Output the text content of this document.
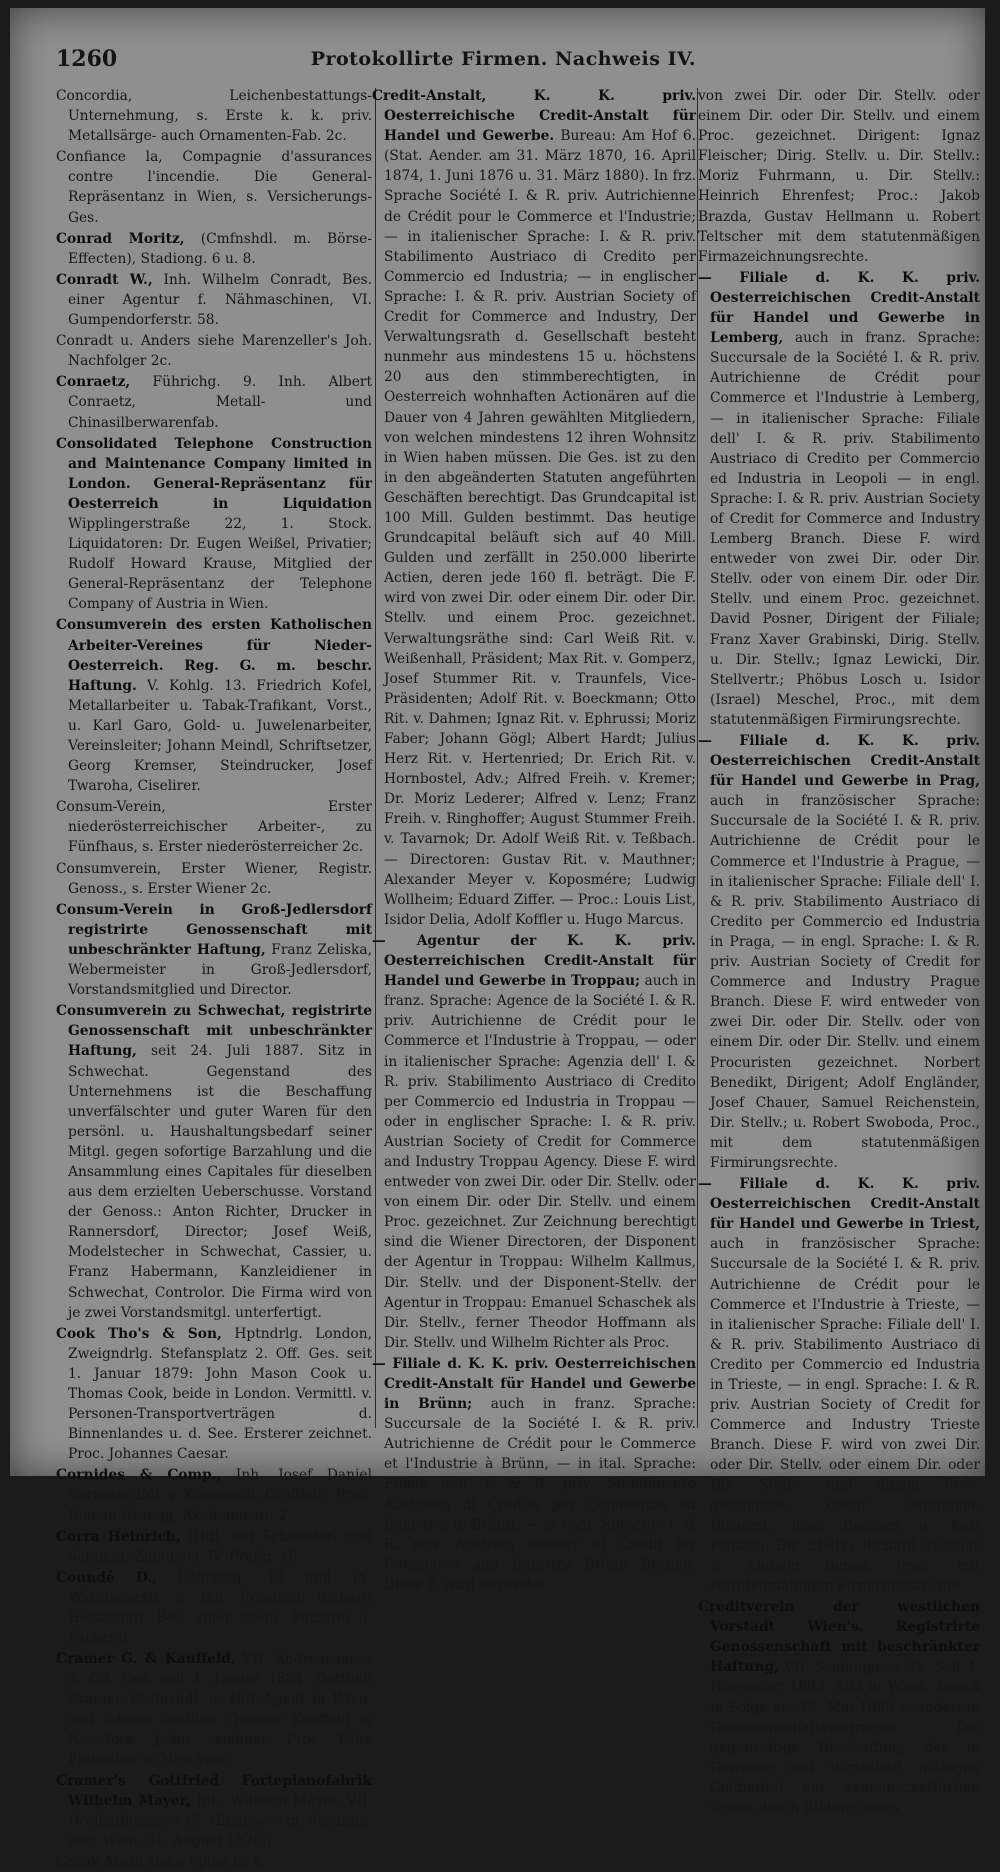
1260	Protokollirte Firmen. Nachweis IV.

Concordia, Leichenbestattungs-Unternehmung, s. Erste k. k. priv. Metallsärge- auch Ornamenten-Fab. 2c.

Confiance la, Compagnie d'assurances contre l'incendie. Die General-Repräsentanz in Wien, s. Versicherungs-Ges.

Conrad Moritz, (Cmfnshdl. m. Börse-Effecten), Stadiong. 6 u. 8.

Conradt W., Inh. Wilhelm Conradt, Bes. einer Agentur f. Nähmaschinen, VI. Gumpendorferstr. 58.

Conradt u. Anders siehe Marenzeller's Joh. Nachfolger 2c.

Conraetz, Führichg. 9. Inh. Albert Conraetz, Metall- und Chinasilberwarenfab.

Consolidated Telephone Construction and Maintenance Company limited in London. General-Repräsentanz für Oesterreich in Liquidation Wipplingerstraße 22, 1. Stock. Liquidatoren: Dr. Eugen Weißel, Privatier; Rudolf Howard Krause, Mitglied der General-Repräsentanz der Telephone Company of Austria in Wien.

Consumverein des ersten Katholischen Arbeiter-Vereines für Nieder-Oesterreich. Reg. G. m. beschr. Haftung. V. Kohlg. 13. Friedrich Kofel, Metallarbeiter u. Tabak-Trafikant, Vorst., u. Karl Garo, Gold- u. Juwelenarbeiter, Vereinsleiter; Johann Meindl, Schriftsetzer, Georg Kremser, Steindrucker, Josef Twaroha, Ciselirer.

Consum-Verein, Erster niederösterreichischer Arbeiter-, zu Fünfhaus, s. Erster niederösterreicher 2c.

Consumverein, Erster Wiener, Registr. Genoss., s. Erster Wiener 2c.

Consum-Verein in Groß-Jedlersdorf registrirte Genossenschaft mit unbeschränkter Haftung, Franz Zeliska, Webermeister in Groß-Jedlersdorf, Vorstandsmitglied und Director.

Consumverein zu Schwechat, registrirte Genossenschaft mit unbeschränkter Haftung, seit 24. Juli 1887. Sitz in Schwechat. Gegenstand des Unternehmens ist die Beschaffung unverfälschter und guter Waren für den persönl. u. Haushaltungsbedarf seiner Mitgl. gegen sofortige Barzahlung und die Ansammlung eines Capitales für dieselben aus dem erzielten Ueberschusse. Vorstand der Genoss.: Anton Richter, Drucker in Rannersdorf, Director; Josef Weiß, Modelstecher in Schwechat, Cassier, u. Franz Habermann, Kanzleidiener in Schwechat, Controlor. Die Firma wird von je zwei Vorstandsmitgl. unterfertigt.

Cook Tho's & Son, Hptndrlg. London, Zweigndrlg. Stefansplatz 2. Off. Ges. seit 1. Januar 1879: John Mason Cook u. Thomas Cook, beide in London. Vermittl. v. Personen-Transportverträgen d. Binnenlandes u. d. See. Ersterer zeichnet. Proc. Johannes Caesar.

Cornides & Comp., Inh. Josef Daniel Cornides Edl. v. Krempach, Großhdl., Proc. Roman Grengg, Akademiestr. 2.

Corra Heinrich, (Hdl. mit Schneider- und Schuhm.-Zugehör), IV. Preßg. 15.

Coundé D., Führichg. 12 und IX. Währingerstr. 6. Inh. Friedrich Richard Heischingl, Bes. einer chem. Putzerei u. Färberei.

Cramer G. & Kauffeld, VII. Andreasgasse 3. Off. Ges. seit 1. Januar 1884: Gottlieb Cramer, Cmfnshdl. u. Hdl.-Agent in Wien, und Johann Gottlieb Theodor Kauffeld in New-York. Jeder zeichnet. Proc. Felix Pfeffscher in New-York.

Cramer's Gottfried Fortepianofabrik Wilhelm Mayer, Inh. Wilhelm Mayer, VII. Dreilaufergasse 15. (Ehepacte m. Susanna, ddo. Wien, 31. August 1876.)

Czank Alwin siehe Spina C. A.

Credit-Anstalt, K. K. priv. Oesterreichische Credit-Anstalt für Handel und Gewerbe. Bureau: Am Hof 6. (Stat. Aender. am 31. März 1870, 16. April 1874, 1. Juni 1876 u. 31. März 1880). In frz. Sprache Société I. & R. priv. Autrichienne de Crédit pour le Commerce et l'Industrie; — in italienischer Sprache: I. & R. priv. Stabilimento Austriaco di Credito per Commercio ed Industria; — in englischer Sprache: I. & R. priv. Austrian Society of Credit for Commerce and Industry, Der Verwaltungsrath d. Gesellschaft besteht nunmehr aus mindestens 15 u. höchstens 20 aus den stimmberechtigten, in Oesterreich wohnhaften Actionären auf die Dauer von 4 Jahren gewählten Mitgliedern, von welchen mindestens 12 ihren Wohnsitz in Wien haben müssen. Die Ges. ist zu den in den abgeänderten Statuten angeführten Geschäften berechtigt. Das Grundcapital ist 100 Mill. Gulden bestimmt. Das heutige Grundcapital beläuft sich auf 40 Mill. Gulden und zerfällt in 250.000 liberirte Actien, deren jede 160 fl. beträgt. Die F. wird von zwei Dir. oder einem Dir. oder Dir. Stellv. und einem Proc. gezeichnet. Verwaltungsräthe sind: Carl Weiß Rit. v. Weißenhall, Präsident; Max Rit. v. Gomperz, Josef Stummer Rit. v. Traunfels, Vice-Präsidenten; Adolf Rit. v. Boeckmann; Otto Rit. v. Dahmen; Ignaz Rit. v. Ephrussi; Moriz Faber; Johann Gögl; Albert Hardt; Julius Herz Rit. v. Hertenried; Dr. Erich Rit. v. Hornbostel, Adv.; Alfred Freih. v. Kremer; Dr. Moriz Lederer; Alfred v. Lenz; Franz Freih. v. Ringhoffer; August Stummer Freih. v. Tavarnok; Dr. Adolf Weiß Rit. v. Teßbach. — Directoren: Gustav Rit. v. Mauthner; Alexander Meyer v. Koposmére; Ludwig Wollheim; Eduard Ziffer. — Proc.: Louis List, Isidor Delia, Adolf Koffler u. Hugo Marcus.

— Agentur der K. K. priv. Oesterreichischen Credit-Anstalt für Handel und Gewerbe in Troppau; auch in franz. Sprache: Agence de la Société I. & R. priv. Autrichienne de Crédit pour le Commerce et l'Industrie à Troppau, — oder in italienischer Sprache: Agenzia dell' I. & R. priv. Stabilimento Austriaco di Credito per Commercio ed Industria in Troppau — oder in englischer Sprache: I. & R. priv. Austrian Society of Credit for Commerce and Industry Troppau Agency. Diese F. wird entweder von zwei Dir. oder Dir. Stellv. oder von einem Dir. oder Dir. Stellv. und einem Proc. gezeichnet. Zur Zeichnung berechtigt sind die Wiener Directoren, der Disponent der Agentur in Troppau: Wilhelm Kallmus, Dir. Stellv. und der Disponent-Stellv. der Agentur in Troppau: Emanuel Schaschek als Dir. Stellv., ferner Theodor Hoffmann als Dir. Stellv. und Wilhelm Richter als Proc.

— Filiale d. K. K. priv. Oesterreichischen Credit-Anstalt für Handel und Gewerbe in Brünn; auch in franz. Sprache: Succursale de la Société I. & R. priv. Autrichienne de Crédit pour le Commerce et l'Industrie à Brünn, — in ital. Sprache: Filiale dell' I. & R. priv. Stabilimento Austriaco di Credito per Commercio ed Industria in Brünn, — in engl. Sprache: I. & R. priv. Austrian Society of Credit for Commerce and Industry Brünn Branch. Diese F. wird entweder

von zwei Dir. oder Dir. Stellv. oder einem Dir. oder Dir. Stellv. und einem Proc. gezeichnet. Dirigent: Ignaz Fleischer; Dirig. Stellv. u. Dir. Stellv.: Moriz Fuhrmann, u. Dir. Stellv.: Heinrich Ehrenfest; Proc.: Jakob Brazda, Gustav Hellmann u. Robert Teltscher mit dem statutenmäßigen Firmazeichnungsrechte.

— Filiale d. K. K. priv. Oesterreichischen Credit-Anstalt für Handel und Gewerbe in Lemberg, auch in franz. Sprache: Succursale de la Société I. & R. priv. Autrichienne de Crédit pour Commerce et l'Industrie à Lemberg, — in italienischer Sprache: Filiale dell' I. & R. priv. Stabilimento Austriaco di Credito per Commercio ed Industria in Leopoli — in engl. Sprache: I. & R. priv. Austrian Society of Credit for Commerce and Industry Lemberg Branch. Diese F. wird entweder von zwei Dir. oder Dir. Stellv. oder von einem Dir. oder Dir. Stellv. und einem Proc. gezeichnet. David Posner, Dirigent der Filiale; Franz Xaver Grabinski, Dirig. Stellv. u. Dir. Stellv.; Ignaz Lewicki, Dir. Stellvertr.; Phöbus Losch u. Isidor (Israel) Meschel, Proc., mit dem statutenmäßigen Firmirungsrechte.

— Filiale d. K. K. priv. Oesterreichischen Credit-Anstalt für Handel und Gewerbe in Prag, auch in französischer Sprache: Succursale de la Société I. & R. priv. Autrichienne de Crédit pour le Commerce et l'Industrie à Prague, — in italienischer Sprache: Filiale dell' I. & R. priv. Stabilimento Austriaco di Credito per Commercio ed Industria in Praga, — in engl. Sprache: I. & R. priv. Austrian Society of Credit for Commerce and Industry Prague Branch. Diese F. wird entweder von zwei Dir. oder Dir. Stellv. oder von einem Dir. oder Dir. Stellv. und einem Procuristen gezeichnet. Norbert Benedikt, Dirigent; Adolf Engländer, Josef Chauer, Samuel Reichenstein, Dir. Stellv.; u. Robert Swoboda, Proc., mit dem statutenmäßigen Firmirungsrechte.

— Filiale d. K. K. priv. Oesterreichischen Credit-Anstalt für Handel und Gewerbe in Triest, auch in französischer Sprache: Succursale de la Société I. & R. priv. Autrichienne de Crédit pour le Commerce et l'Industrie à Trieste, — in italienischer Sprache: Filiale dell' I. & R. priv. Stabilimento Austriaco di Credito per Commercio ed Industria in Trieste, — in engl. Sprache: I. & R. priv. Austrian Society of Credit for Commerce and Industry Trieste Branch. Diese F. wird von zwei Dir. oder Dir. Stellv. oder einem Dir. oder Dir. Stellv. und einem Proc. gezeichnet. Oscar Gentilomo, Dirigent; Josef Beonarz u. Karl Panizon, Dir. Stellv.; Richard Tischler u. Ludwig Benso, Proc. mit statutenmäßigem Firmirungsrechte.

Creditverein der westlichen Vorstadt Wien's. Registrirte Genossenschaft mit beschränkter Haftung, VII. Seidengasse 35. Seit 4. November 1883. Sitz in Wien. Zweck in Folge am 17. Mai 1885 geänderten Genossenschaftsvertrages: Die gegenseitige Beschaffung der in Gewerbe und Wirtschaft nöthigen Geldmittel auf gemeinschaftlichen Credit durch Bildung eines
